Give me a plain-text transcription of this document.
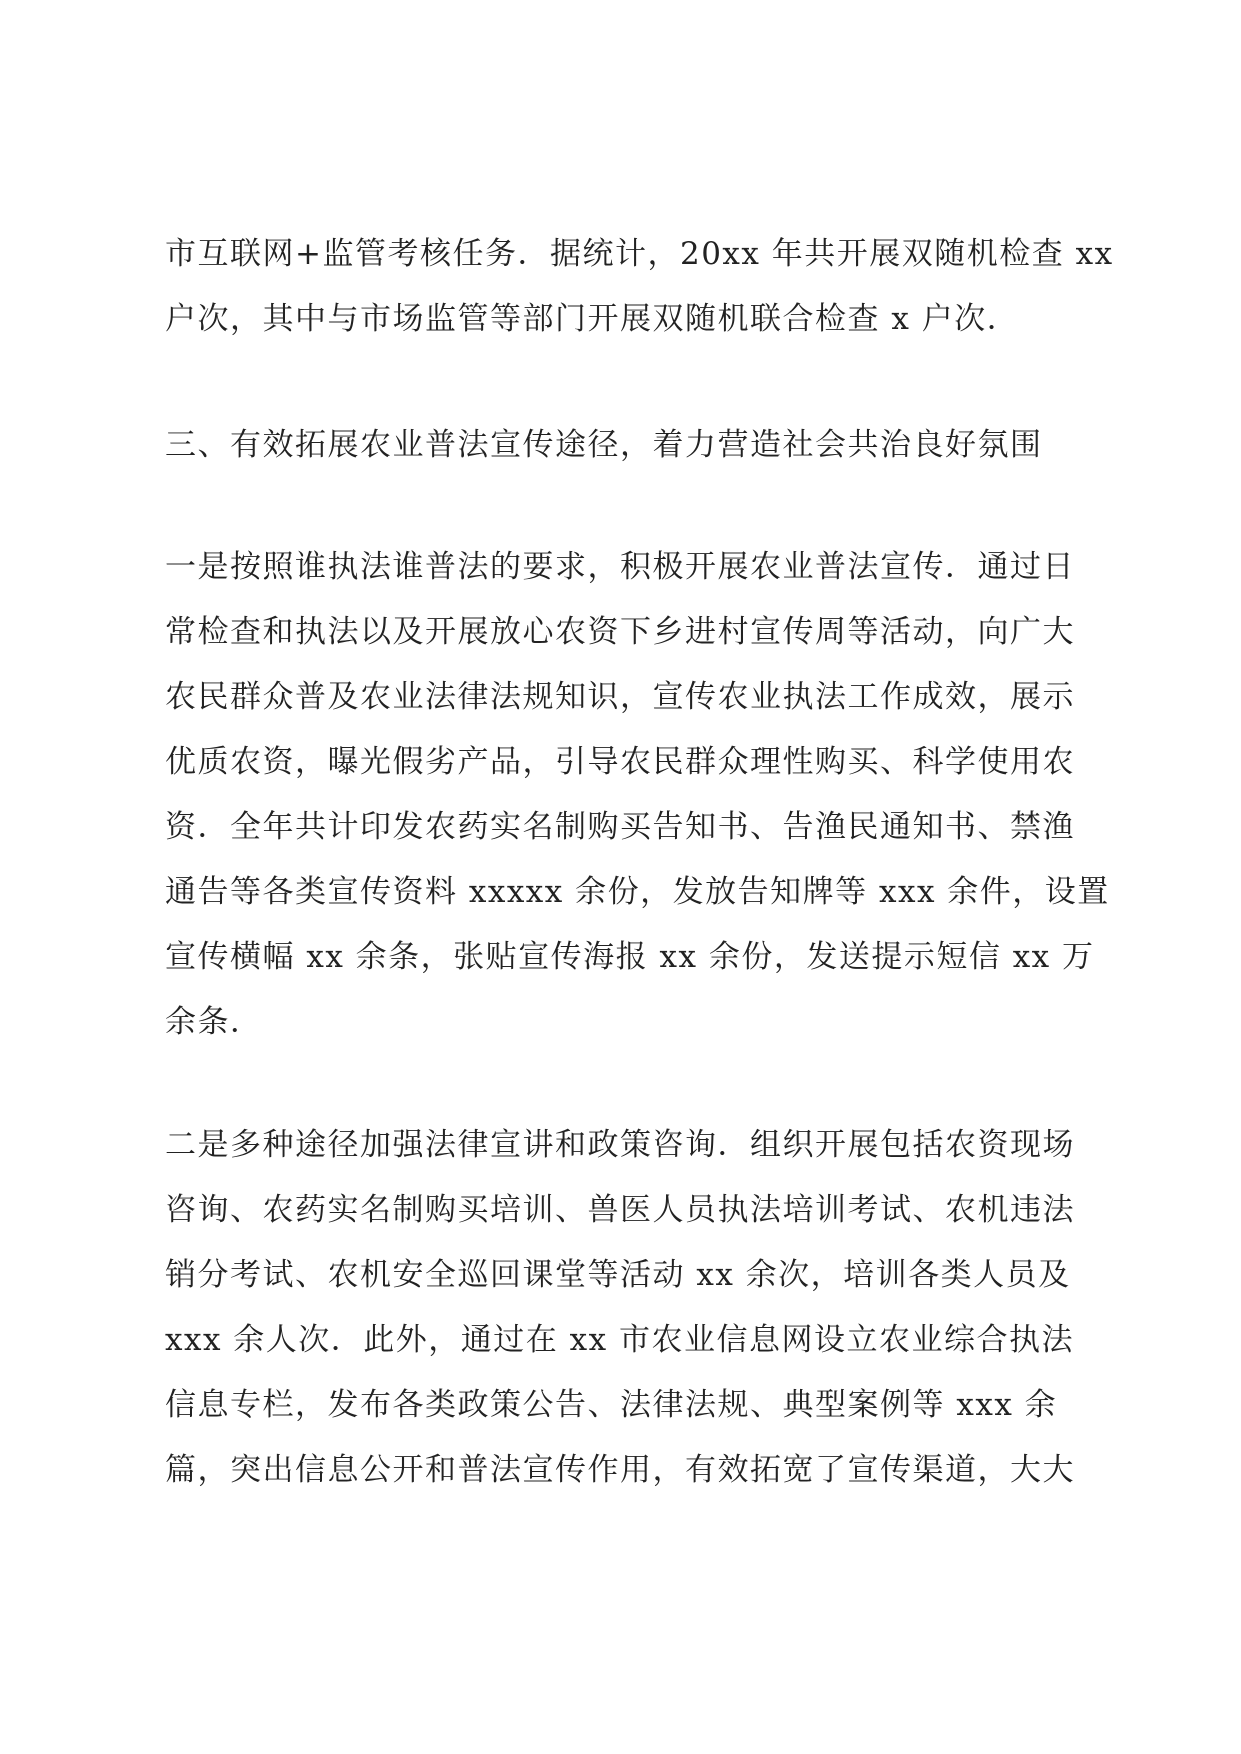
市互联网+监管考核任务．据统计，20xx 年共开展双随机检查 xx
户次，其中与市场监管等部门开展双随机联合检查 x 户次．
三、有效拓展农业普法宣传途径，着力营造社会共治良好氛围
一是按照谁执法谁普法的要求，积极开展农业普法宣传．通过日
常检查和执法以及开展放心农资下乡进村宣传周等活动，向广大
农民群众普及农业法律法规知识，宣传农业执法工作成效，展示
优质农资，曝光假劣产品，引导农民群众理性购买、科学使用农
资．全年共计印发农药实名制购买告知书、告渔民通知书、禁渔
通告等各类宣传资料 xxxxx 余份，发放告知牌等 xxx 余件，设置
宣传横幅 xx 余条，张贴宣传海报 xx 余份，发送提示短信 xx 万
余条．
二是多种途径加强法律宣讲和政策咨询．组织开展包括农资现场
咨询、农药实名制购买培训、兽医人员执法培训考试、农机违法
销分考试、农机安全巡回课堂等活动 xx 余次，培训各类人员及
xxx 余人次．此外，通过在 xx 市农业信息网设立农业综合执法
信息专栏，发布各类政策公告、法律法规、典型案例等 xxx 余
篇，突出信息公开和普法宣传作用，有效拓宽了宣传渠道，大大
